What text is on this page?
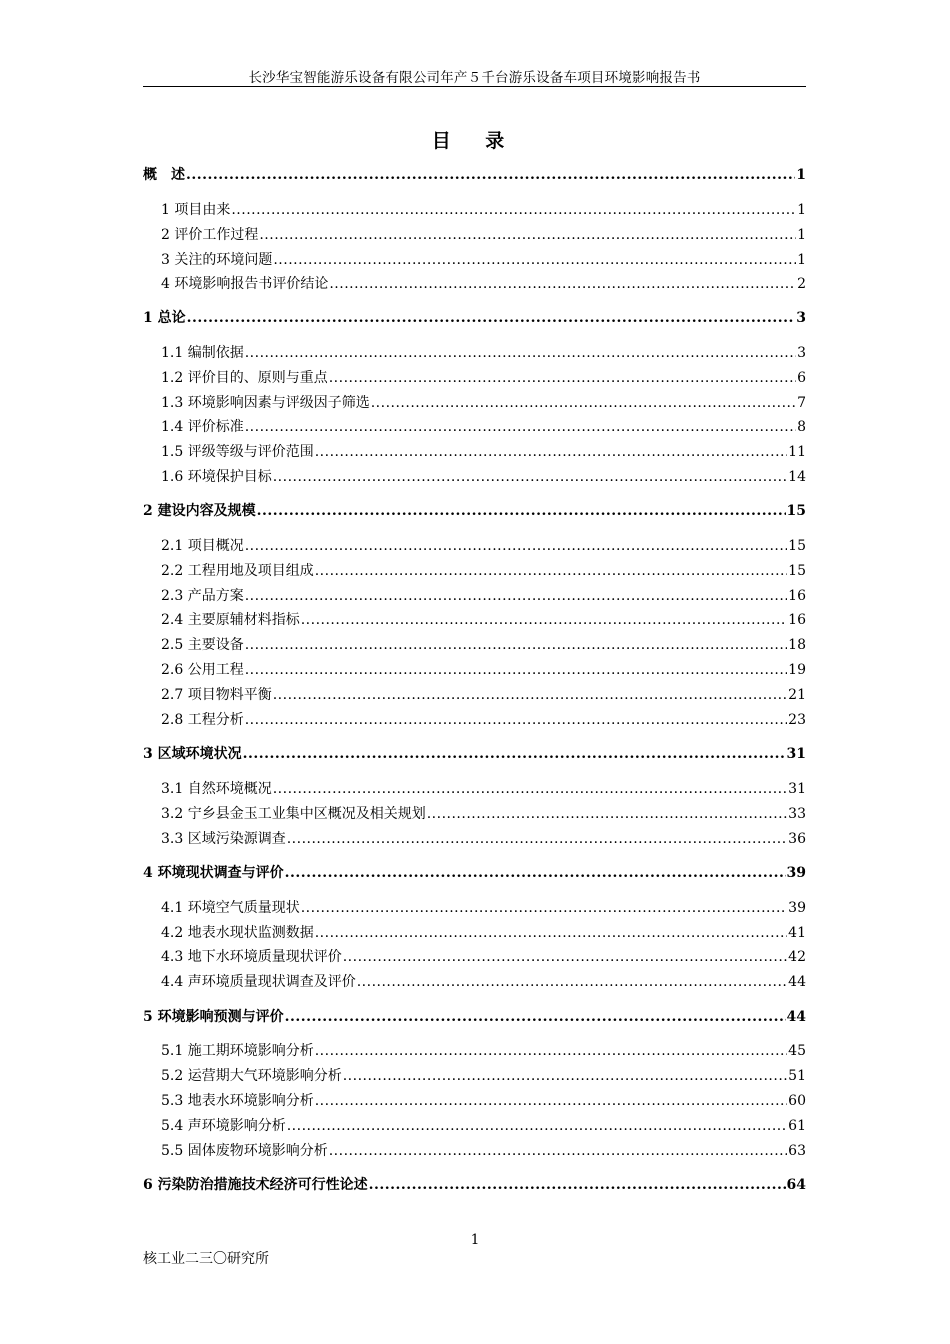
长沙华宝智能游乐设备有限公司年产５千台游乐设备车项目环境影响报告书
目 录
概　述 .....	1
1 项目由来 .....	1
2 评价工作过程 .....	1
3 关注的环境问题 .....	1
4 环境影响报告书评价结论 .....	2
1 总论 .....	3
1.1 编制依据 .....	3
1.2 评价目的、原则与重点 .....	6
1.3 环境影响因素与评级因子筛选 .....	7
1.4 评价标准 .....	8
1.5 评级等级与评价范围 .....	11
1.6 环境保护目标 .....	14
2 建设内容及规模 .....	15
2.1 项目概况 .....	15
2.2 工程用地及项目组成 .....	15
2.3 产品方案 .....	16
2.4 主要原辅材料指标 .....	16
2.5 主要设备 .....	18
2.6 公用工程 .....	19
2.7 项目物料平衡 .....	21
2.8 工程分析 .....	23
3 区域环境状况 .....	31
3.1 自然环境概况 .....	31
3.2 宁乡县金玉工业集中区概况及相关规划 .....	33
3.3 区域污染源调查 .....	36
4 环境现状调查与评价 .....	39
4.1 环境空气质量现状 .....	39
4.2 地表水现状监测数据 .....	41
4.3 地下水环境质量现状评价 .....	42
4.4 声环境质量现状调查及评价 .....	44
5 环境影响预测与评价 .....	44
5.1 施工期环境影响分析 .....	45
5.2 运营期大气环境影响分析 .....	51
5.3 地表水环境影响分析 .....	60
5.4 声环境影响分析 .....	61
5.5 固体废物环境影响分析 .....	63
6 污染防治措施技术经济可行性论述 .....	64
1
核工业二三〇研究所
